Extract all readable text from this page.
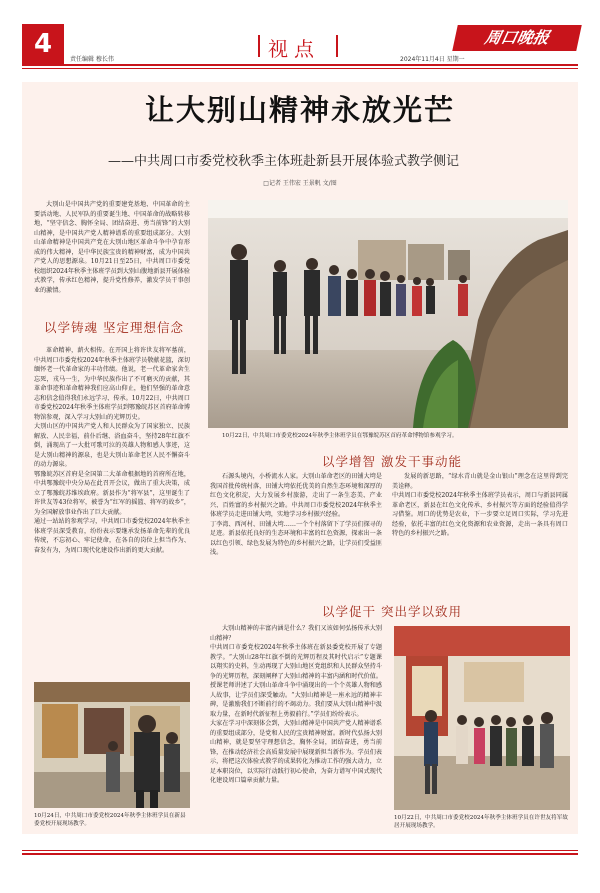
4
责任编辑 穆长伟	视点	周口晚报
2024年11月4日 星期一
让大别山精神永放光芒
——中共周口市委党校秋季主体班赴新县开展体验式教学侧记
□记者 王伟宏 王景帆 文/图
大别山是中国共产党的重要建党基地、中国革命的主要活动地、人民军队的重要诞生地、中国革命的战略转移地，“坚守信念、胸怀全局、团结奋进、勇当前锋”的大别山精神，是中国共产党人精神谱系的重要组成部分。大别山革命精神是中国共产党在大别山地区革命斗争中孕育形成的伟大精神，是中华民族宝贵的精神财富，成为中国共产党人的思想源泉。10月21日至25日，中共周口市委党校组织2024年秋季主体班学员到大别山腹地新县开展体验式教学，传承红色精神，提升党性修养，激发学员干事创业的激情。
以学铸魂 坚定理想信念
革命精神，薪火相传。在开国上将许世友将军墓前，中共周口市委党校2024年秋季主体班学员敬献花篮，深切缅怀老一代革命家的丰功伟绩。他说，老一代革命家舍生忘死，戎马一生，为中华民族作出了不可磨灭的贡献，其革命事迹和革命精神我们应高山仰止，他们坚强的革命意志和信念值得我们永远学习、传承。10月22日，中共周口市委党校2024年秋季主体班学员到鄂豫皖苏区首府革命博物馆参观，深入学习大别山的光辉历史。
大别山区的中国共产党人和人民群众为了国家独立、民族解放、人民幸福，前仆后继、浴血奋斗，坚持28年红旗不倒，涌现出了一大批可歌可泣的英雄人物和感人事迹，这是大别山精神的源泉，也是大别山革命老区人民不懈奋斗的动力源泉。
鄂豫皖苏区首府是全国第二大革命根据地的首府所在地，中共鄂豫皖中央分局在此召开会议，做出了重大决策，成立了鄂豫皖苏维埃政府。新县作为“将军县”，这里诞生了许世友等43位将军，被誉为“红军的摇篮、将军的故乡”，为全国解放事业作出了巨大贡献。
通过一站站的参观学习，中共周口市委党校2024年秋季主体班学员深受教育，纷纷表示要继承发扬革命先辈的优良传统，不忘初心、牢记使命，在各自的岗位上担当作为、奋发有为，为周口现代化建设作出新的更大贡献。
10月22日，中共周口市委党校2024年秋季主体班学员在鄂豫皖苏区首府革命博物馆参观学习。
以学增智 激发干事动能
石源头境内，小桥流水人家。大别山革命老区的田铺大塆是我国首批传统村落，田铺大塆依托优美的自然生态环境和深厚的红色文化积淀，大力发展乡村旅游，走出了一条生态美、产业兴、百姓富的乡村振兴之路。中共周口市委党校2024年秋季主体班学员走进田铺大塆，实地学习乡村振兴经验。
丁李湾、西河村、田铺大塆……一个个村落留下了学员们探寻的足迹。新县依托良好的生态环境和丰富的红色资源，探索出一条以红色引领、绿色发展为特色的乡村振兴之路，让学员们受益匪浅。
发展的新思路，“绿水青山就是金山银山”理念在这里得到完美诠释。
中共周口市委党校2024年秋季主体班学员表示，周口与新县同属革命老区，新县在红色文化传承、乡村振兴等方面的经验值得学习借鉴。周口的优势是农业，下一步要立足周口实际，学习先进经验，依托丰富的红色文化资源和农业资源，走出一条具有周口特色的乡村振兴之路。
以学促干 突出学以致用
大别山精神的丰富内涵是什么？我们又该如何弘扬传承大别山精神？
中共周口市委党校2024年秋季主体班在新县委党校开展了专题教学。“大别山28年红旗不倒的光辉历程及其时代启示”专题课以翔实的史料，生动再现了大别山地区党组织和人民群众坚持斗争的光辉历程，深刻阐释了大别山精神的丰富内涵和时代价值。授课老师讲述了大别山革命斗争中涌现出的一个个英雄人物和感人故事，让学员们深受触动。“大别山精神是一座永远的精神丰碑，是激励我们不断前行的不竭动力。我们要从大别山精神中汲取力量，在新时代新征程上勇毅前行。”学员们纷纷表示。
大家在学习中深刻体会到，大别山精神是中国共产党人精神谱系的重要组成部分，是党和人民的宝贵精神财富。新时代弘扬大别山精神，就是要坚守理想信念，胸怀全局，团结奋进，勇当前锋，在推动经济社会高质量发展中展现新担当新作为。学员们表示，将把这次体验式教学的成果转化为推动工作的强大动力，立足本职岗位，以实际行动践行初心使命，为奋力谱写中国式现代化建设周口篇章贡献力量。
10月22日，中共周口市委党校2024年秋季主体班学员在许世友将军故居开展现场教学。
10月24日，中共周口市委党校2024年秋季主体班学员在新县委党校开展现场教学。
